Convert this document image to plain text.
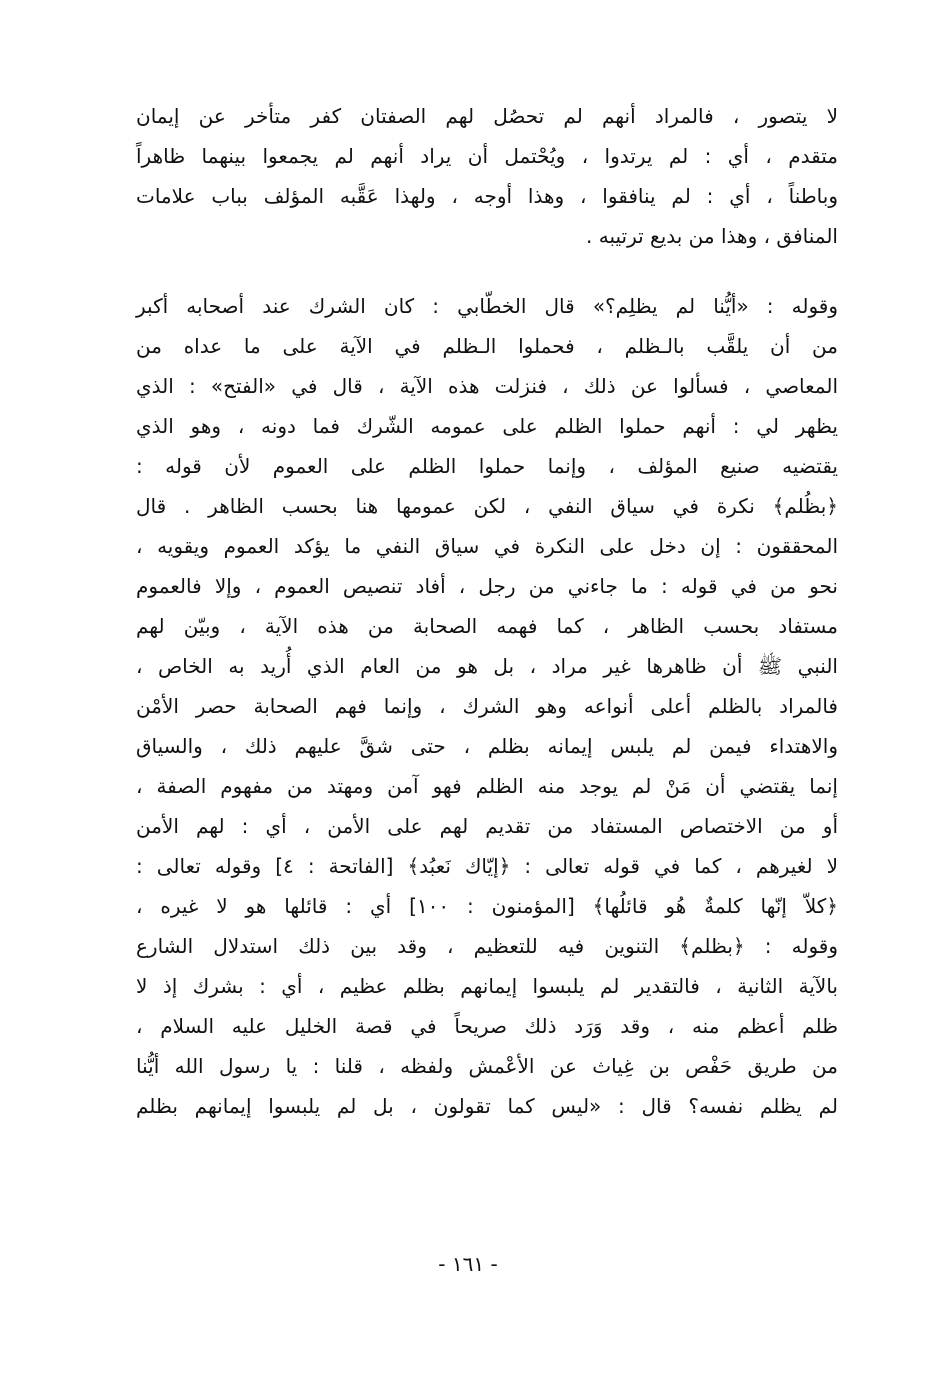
لا يتصور ، فالمراد أنهم لم تحصُل لهم الصفتان كفر متأخر عن إيمان
متقدم ، أي : لم يرتدوا ، ويُحْتمل أن يراد أنهم لم يجمعوا بينهما ظاهراً
وباطناً ، أي : لم ينافقوا ، وهذا أوجه ، ولهذا عَقَّبه المؤلف بباب علامات
المنافق ، وهذا من بديع ترتيبه .
وقوله : «أيُّنا لم يظلِم؟» قال الخطّابي : كان الشرك عند أصحابه أكبر
من أن يلقَّب بالـظلم ، فحملوا الـظلم في الآية على ما عداه من
المعاصي ، فسألوا عن ذلك ، فنزلت هذه الآية ، قال في «الفتح» : الذي
يظهر لي : أنهم حملوا الظلم على عمومه الشّرك فما دونه ، وهو الذي
يقتضيه صنيع المؤلف ، وإنما حملوا الظلم على العموم لأن قوله :
﴿بظُلم﴾ نكرة في سياق النفي ، لكن عمومها هنا بحسب الظاهر . قال
المحققون : إن دخل على النكرة في سياق النفي ما يؤكد العموم ويقويه ،
نحو من في قوله : ما جاءني من رجل ، أفاد تنصيص العموم ، وإلا فالعموم
مستفاد بحسب الظاهر ، كما فهمه الصحابة من هذه الآية ، وبيّن لهم
النبي ﷺ أن ظاهرها غير مراد ، بل هو من العام الذي أُريد به الخاص ،
فالمراد بالظلم أعلى أنواعه وهو الشرك ، وإنما فهم الصحابة حصر الأمْن
والاهتداء فيمن لم يلبس إيمانه بظلم ، حتى شقَّ عليهم ذلك ، والسياق
إنما يقتضي أن مَنْ لم يوجد منه الظلم فهو آمن ومهتد من مفهوم الصفة ،
أو من الاختصاص المستفاد من تقديم لهم على الأمن ، أي : لهم الأمن
لا لغيرهم ، كما في قوله تعالى : ﴿إيّاك نَعبُد﴾ [الفاتحة : ٤] وقوله تعالى :
﴿كلاّ إنّها كلمةٌ هُو قائلُها﴾ [المؤمنون : ١٠٠] أي : قائلها هو لا غيره ،
وقوله : ﴿بظلم﴾ التنوين فيه للتعظيم ، وقد بين ذلك استدلال الشارع
بالآية الثانية ، فالتقدير لم يلبسوا إيمانهم بظلم عظيم ، أي : بشرك إذ لا
ظلم أعظم منه ، وقد وَرَد ذلك صريحاً في قصة الخليل عليه السلام ،
من طريق حَفْص بن غِياث عن الأعْمش ولفظه ، قلنا : يا رسول الله أيُّنا
لم يظلم نفسه؟ قال : «ليس كما تقولون ، بل لم يلبسوا إيمانهم بظلم
- ١٦١ -
